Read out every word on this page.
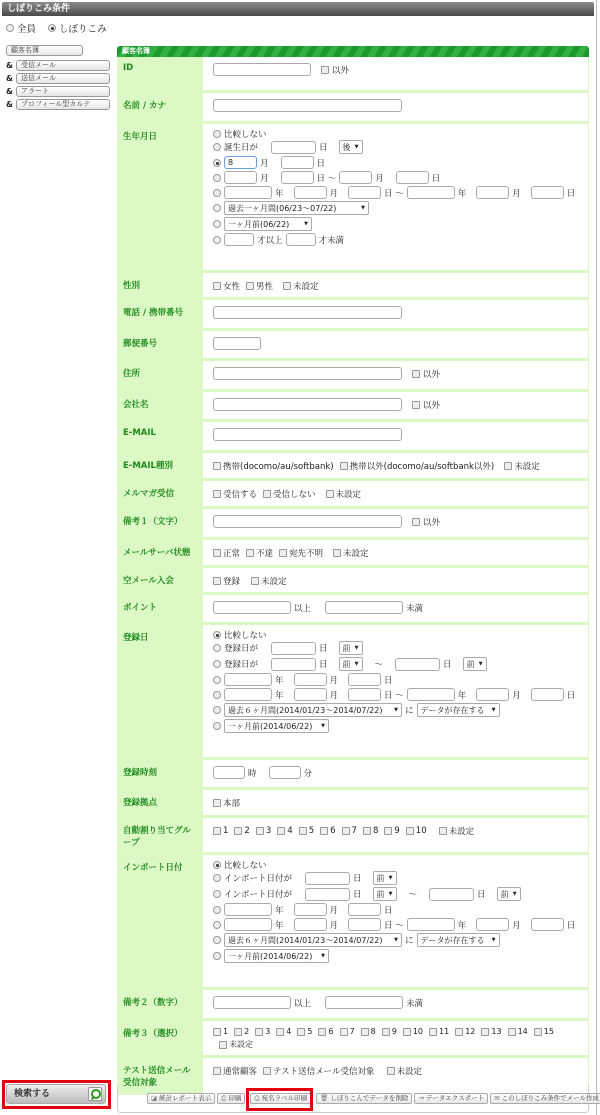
しぼりこみ条件
全員 しぼりこみ
顧客名簿
&	受信メール
&	送信メール
&	アラート
&	プロフィール型カルテ
顧客名簿
ID	以外
名前 / カナ
生年月日	比較しない
誕生日が	日	後 ▼
8	月	日
月	日 ～	月	日
年	月	日 ～	年	月	日
過去一ヶ月間(06/23～07/22) ▼
一ヶ月前(06/22) ▼
才以上	才未満
性別	女性 男性 未設定
電話 / 携帯番号
郵便番号
住所	以外
会社名	以外
E-MAIL
E-MAIL種別	携帯(docomo/au/softbank) 携帯以外(docomo/au/softbank以外) 未設定
メルマガ受信	受信する 受信しない 未設定
備考１（文字）	以外
メールサーバ状態	正常 不達 宛先不明 未設定
空メール入会	登録 未設定
ポイント	以上	未満
登録日	比較しない
登録日が	日	前 ▼
登録日が	日	前 ▼	～	日	前 ▼
年	月	日
年	月	日 ～	年	月	日
過去６ヶ月間(2014/01/23～2014/07/22) ▼	に データが存在する ▼
一ヶ月前(2014/06/22) ▼
登録時刻	時	分
登録拠点	本部
自動割り当てグループ
1 2 3 4 5 6 7 8 9 10	未設定
インポート日付	比較しない
インポート日付が	日	前 ▼
インポート日付が	日	前 ▼	～	日	前 ▼
年	月	日
年	月	日 ～	年	月	日
過去６ヶ月間(2014/01/23～2014/07/22) ▼	に データが存在する ▼
一ヶ月前(2014/06/22) ▼
備考２（数字）	以上	未満
備考３（選択）	1 2 3 4 5 6 7 8 9 10 11 12 13 14 15
未設定
テスト送信メール受信対象
通常顧客 テスト送信メール受信対象	未設定
検索する	◪ 統計レポート表示	⎙ 印刷	⎙ 宛名ラベル印刷	🗑 しぼりこんでデータを削除	⇥ データエクスポート	✉ このしぼりこみ条件でメール作成
